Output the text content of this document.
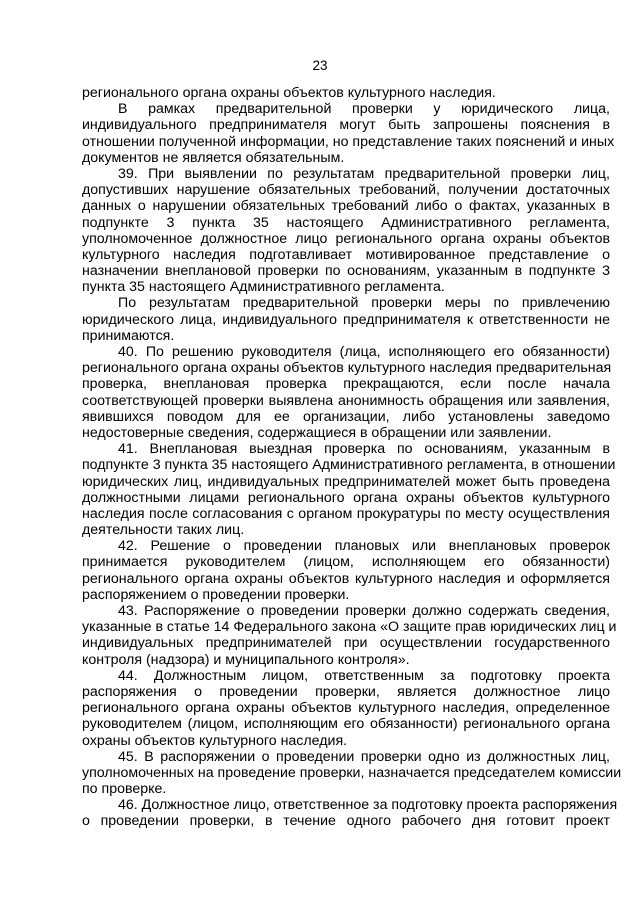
23
регионального органа охраны объектов культурного наследия.
В рамках предварительной проверки у юридического лица,
индивидуального предпринимателя могут быть запрошены пояснения в
отношении полученной информации, но представление таких пояснений и иных
документов не является обязательным.
39. При выявлении по результатам предварительной проверки лиц,
допустивших нарушение обязательных требований, получении достаточных
данных о нарушении обязательных требований либо о фактах, указанных в
подпункте 3 пункта 35 настоящего Административного регламента,
уполномоченное должностное лицо регионального органа охраны объектов
культурного наследия подготавливает мотивированное представление о
назначении внеплановой проверки по основаниям, указанным в подпункте 3
пункта 35 настоящего Административного регламента.
По результатам предварительной проверки меры по привлечению
юридического лица, индивидуального предпринимателя к ответственности не
принимаются.
40. По решению руководителя (лица, исполняющего его обязанности)
регионального органа охраны объектов культурного наследия предварительная
проверка, внеплановая проверка прекращаются, если после начала
соответствующей проверки выявлена анонимность обращения или заявления,
явившихся поводом для ее организации, либо установлены заведомо
недостоверные сведения, содержащиеся в обращении или заявлении.
41. Внеплановая выездная проверка по основаниям, указанным в
подпункте 3 пункта 35 настоящего Административного регламента, в отношении
юридических лиц, индивидуальных предпринимателей может быть проведена
должностными лицами регионального органа охраны объектов культурного
наследия после согласования с органом прокуратуры по месту осуществления
деятельности таких лиц.
42. Решение о проведении плановых или внеплановых проверок
принимается руководителем (лицом, исполняющем его обязанности)
регионального органа охраны объектов культурного наследия и оформляется
распоряжением о проведении проверки.
43. Распоряжение о проведении проверки должно содержать сведения,
указанные в статье 14 Федерального закона «О защите прав юридических лиц и
индивидуальных предпринимателей при осуществлении государственного
контроля (надзора) и муниципального контроля».
44. Должностным лицом, ответственным за подготовку проекта
распоряжения о проведении проверки, является должностное лицо
регионального органа охраны объектов культурного наследия, определенное
руководителем (лицом, исполняющим его обязанности) регионального органа
охраны объектов культурного наследия.
45. В распоряжении о проведении проверки одно из должностных лиц,
уполномоченных на проведение проверки, назначается председателем комиссии
по проверке.
46. Должностное лицо, ответственное за подготовку проекта распоряжения
о проведении проверки, в течение одного рабочего дня готовит проект
